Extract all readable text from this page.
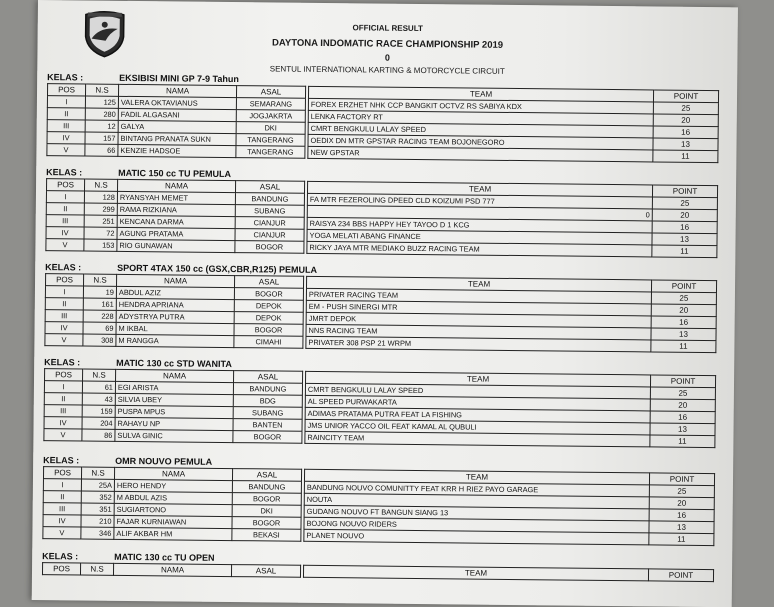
OFFICIAL RESULT
DAYTONA INDOMATIC RACE CHAMPIONSHIP 2019
0
SENTUL INTERNATIONAL KARTING & MOTORCYCLE CIRCUIT
KELAS :	EKSIBISI MINI GP 7-9 Tahun
POS	N.S	NAMA	ASAL		TEAM	POINT
I	125	VALERA OKTAVIANUS	SEMARANG		FOREX ERZHET NHK CCP BANGKIT OCTVZ RS SABIYA KDX	25
II	280	FADIL ALGASANI	JOGJAKRTA		LENKA FACTORY RT	20
III	12	GALYA	DKI		CMRT BENGKULU LALAY SPEED	16
IV	157	BINTANG PRANATA SUKN	TANGERANG		OEDIX DN MTR GPSTAR RACING TEAM BOJONEGORO	13
V	66	KENZIE HADSOE	TANGERANG		NEW GPSTAR	11
KELAS :	MATIC 150 cc TU PEMULA
POS	N.S	NAMA	ASAL		TEAM	POINT
I	128	RYANSYAH MEMET	BANDUNG		FA MTR FEZEROLING DPEED CLD KOIZUMI PSD 777	25
II	299	RAMA RIZKIANA	SUBANG		0	20
III	251	KENCANA DARMA	CIANJUR		RAISYA 234 BBS HAPPY HEY TAYOO D 1 KCG	16
IV	72	AGUNG PRATAMA	CIANJUR		YOGA MELATI ABANG FINANCE	13
V	153	RIO GUNAWAN	BOGOR		RICKY JAYA MTR MEDIAKO BUZZ RACING TEAM	11
KELAS :	SPORT 4TAX 150 cc (GSX,CBR,R125) PEMULA
POS	N.S	NAMA	ASAL		TEAM	POINT
I	19	ABDUL AZIZ	BOGOR		PRIVATER RACING TEAM	25
II	161	HENDRA APRIANA	DEPOK		EM - PUSH SINERGI MTR	20
III	228	ADYSTRYA PUTRA	DEPOK		JMRT DEPOK	16
IV	69	M IKBAL	BOGOR		NNS RACING TEAM	13
V	308	M RANGGA	CIMAHI		PRIVATER 308 PSP 21 WRPM	11
KELAS :	MATIC 130 cc STD WANITA
POS	N.S	NAMA	ASAL		TEAM	POINT
I	61	EGI ARISTA	BANDUNG		CMRT BENGKULU LALAY SPEED	25
II	43	SILVIA UBEY	BDG		AL SPEED PURWAKARTA	20
III	159	PUSPA MPUS	SUBANG		ADIMAS PRATAMA PUTRA FEAT LA FISHING	16
IV	204	RAHAYU NP	BANTEN		JMS UNIOR YACCO OIL FEAT KAMAL AL QUBULI	13
V	86	SULVA GINIC	BOGOR		RAINCITY TEAM	11
KELAS :	OMR NOUVO PEMULA
POS	N.S	NAMA	ASAL		TEAM	POINT
I	25A	HERO HENDY	BANDUNG		BANDUNG NOUVO COMUNITTY FEAT KRR H RIEZ PAYO GARAGE	25
II	352	M ABDUL AZIS	BOGOR		NOUTA	20
III	351	SUGIARTONO	DKI		GUDANG NOUVO FT BANGUN SIANG 13	16
IV	210	FAJAR KURNIAWAN	BOGOR		BOJONG NOUVO RIDERS	13
V	346	ALIF AKBAR HM	BEKASI		PLANET NOUVO	11
KELAS :	MATIC 130 cc TU OPEN
POS	N.S	NAMA	ASAL		TEAM	POINT
